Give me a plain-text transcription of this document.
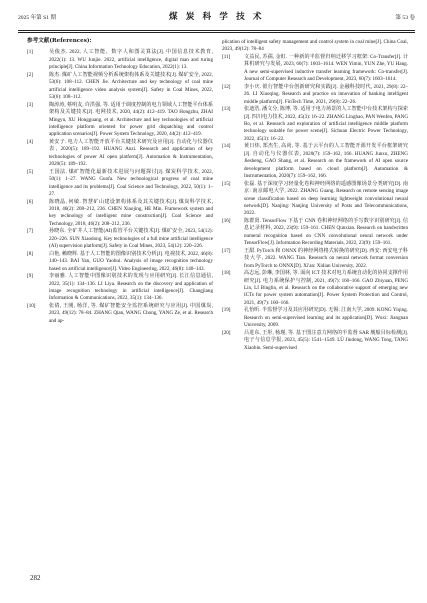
2025 年第 S1 期	煤 炭 科 学 技 术	第 53 卷
参考文献(References):
[1]	吴俊杰. 2022, 人工智能、数字人和图灵算法[J]. 中国信息技术教育, 2022(1): 13. WU Junjie. 2022, artificial intelligence, digital man and turing principle[J]. China Information Technology Education, 2022(1): 13.
[2]	陈杰. 煤矿人工智能视频分析系统架构体系及关键技术[J]. 煤矿安全, 2022, 53(6): 108–112. CHEN Jie. Architecture and key technology of coal mine artificial intelligence video analysis system[J]. Safety in Coal Mines, 2022, 53(6): 108–112.
[3]	陶涛涛, 蔡明友, 许洪强, 等. 适用于调度控制的电力领域人工智能平台体系架构及关键技术[J]. 电网技术, 2020, 44(2): 412–419. TAO Hongzhu, ZHAI Mingyu, XU Hongguang, et al. Architecture and key technologies of artificial intelligence platform oriented for power grid dispatching and control application scenarios[J]. Power System Technology, 2020, 44(2): 412–419.
[4]	黄安子. 电力人工智能开放平台关键技术研究及应用[J]. 自动化与仪器仪表, 2020(5): 189–192. HUANG Anzi. Research and application of key technologies of power AI open platform[J]. Automation & Instrumentation, 2020(5): 189–192.
[5]	王国法. 煤矿智能化最新技术进展与问题探讨[J]. 煤炭科学技术, 2022, 50(1): 1–27. WANG Guofa. New technological progress of coal mine intelligence and its problems[J]. Coal Science and Technology, 2022, 50(1): 1–27.
[6]	陈晓晶, 何敏. 智慧矿山建设架构体系及其关键技术[J]. 煤炭科学技术, 2018, 46(2): 208–212, 236. CHEN Xiaojing, HE Min. Framework system and key technology of intelligent mine construction[J]. Coal Science and Technology, 2018, 46(2): 208–212, 236.
[7]	孙晓东. 全矿井人工智能(AI)监管平台关键技术[J]. 煤矿安全, 2023, 54(12): 220–226. SUN Xiaodong. Key technologies of a full mine artificial intelligence (AI) supervision platform[J]. Safety in Coal Mines, 2023, 54(12): 220–226.
[8]	白艳, 赖晓辉. 基于人工智能的图像识别技术分析[J]. 电视技术, 2022, 46(8): 140–143. BAI Yan, GUO Yaohui. Analysis of image recognition technology based on artificial intelligence[J]. Video Engineering, 2022, 46(8): 140–143.
[9]	李丽雅. 人工智能中图像识别技术的发现与应用研究[J]. 长江信息通信, 2022, 35(1): 134–136. LI Liya. Research on the discovery and application of image recognition technology in artificial intelligence[J]. Changjiang Information & Communications, 2022, 35(1): 134–136.
[10]	张倩, 王刚, 杨洋, 等. 煤矿智能安全监控系统研究与应用[J]. 中国煤炭, 2023, 49(12): 78–84. ZHANG Qian, WANG Chong, YANG Ze, et al. Research and ap-
plication of intelligent safety management and control system in coal mine[J]. China Coal, 2023, 49(12): 78–84
[11]	文益民, 苏孺, 金虹. 一种新的半监督归纳迁移学习框架: Co-Transfer[J]. 计算机研究与发展, 2023, 60(7): 1603–1614. WEN Yimin, YUN Zhe, YU Hang. A new semi-supervised inductive transfer learning framework: Co-transfer[J]. Journal of Computer Research and Development, 2023, 60(7): 1603–1614.
[12]	李小庆. 银行智能中台创新研究和实践[J]. 金融科技时代, 2021, 29(8): 22–26. LI Xiaoqing. Research and practice on innovation of banking intelligent middle platform[J]. FinTech Time, 2021, 29(8): 22–26.
[13]	张迪浩, 潘文分, 陈博, 等. 适用于电力场景的人工智能中台技术架构与探索[J]. 四川电力技术, 2022, 45(3): 16–22. ZHANG Linghao, PAN Wenfen, PANG Bo, et al. Research and exploration of artificial intelligence middle platform technology suitable for power scene[J]. Sichuan Electric Power Technology, 2022, 45(3): 16–22.
[14]	黄日炜, 郑杰生, 高尚, 等. 基于云平台的人工智能开源开发平台框架研究[J]. 自动化与仪器仪表, 2020(7): 159–162, 166. HUANG Junxu, ZHENG Jiesheng, GAO Shang, et al. Research on the framework of AI open source development platform based on cloud platform[J]. Automation & Instrumentation, 2020(7): 159–162, 166.
[15]	张磊. 基于深度学习轻量化卷积神经网络的遥感图像场景分类研究[D]. 南京: 南京邮电大学, 2022. ZHANG Guang. Research on remote sensing image scene classification based on deep learning lightweight convolutional neural network[D]. Nanjing: Nanjing University of Posts and Telecommunications, 2022.
[16]	陈群贤. TensorFlow 下基于 CNN 卷积神经网络的手写数字识别研究[J]. 信息记录材料, 2022, 23(9): 159–161. CHEN Qunxian. Research on handwritten numeral recognition based on CNN convolutional neural network under TensorFlow[J]. Information Recording Materials, 2022, 23(9): 159–161.
[17]	王甜. PyTorch 和 ONNX 的神经网络格式转换的研究[D]. 西安: 西安电子科技大学, 2022. WANG Tian. Research on neural network format conversion from PyTorch to ONNX[D]. Xi'an: Xidian University, 2022.
[18]	高志远, 彭琳, 李国林, 等. 面向 ICT 技术对电力系统自动化的协同支撑作用研究[J]. 电力系统保护与控制, 2021, 49(7): 160–166. GAO Zhiyuan, PENG Lin, LI Binglin, et al. Research on the collaborative support of emerging new ICTs for power system automation[J]. Power System Protection and Control, 2021, 49(7): 160–166.
[19]	孔怡昕. 半监督学习及其应用研究[D]. 无锡: 江南大学, 2009. KONG Yiqing. Research on semi-supervised learning and its application[D]. Wuxi: Jiangnan University, 2009.
[20]	吕进东, 王彤, 杨瑾, 等. 基于图注意力网络的半监督 SAR 舰船目标检测[J]. 电子与信息学报, 2023, 45(5): 1541–1549. LÜ Jindong, WANG Tong, TANG Xiaobin. Semi-supervised
282
